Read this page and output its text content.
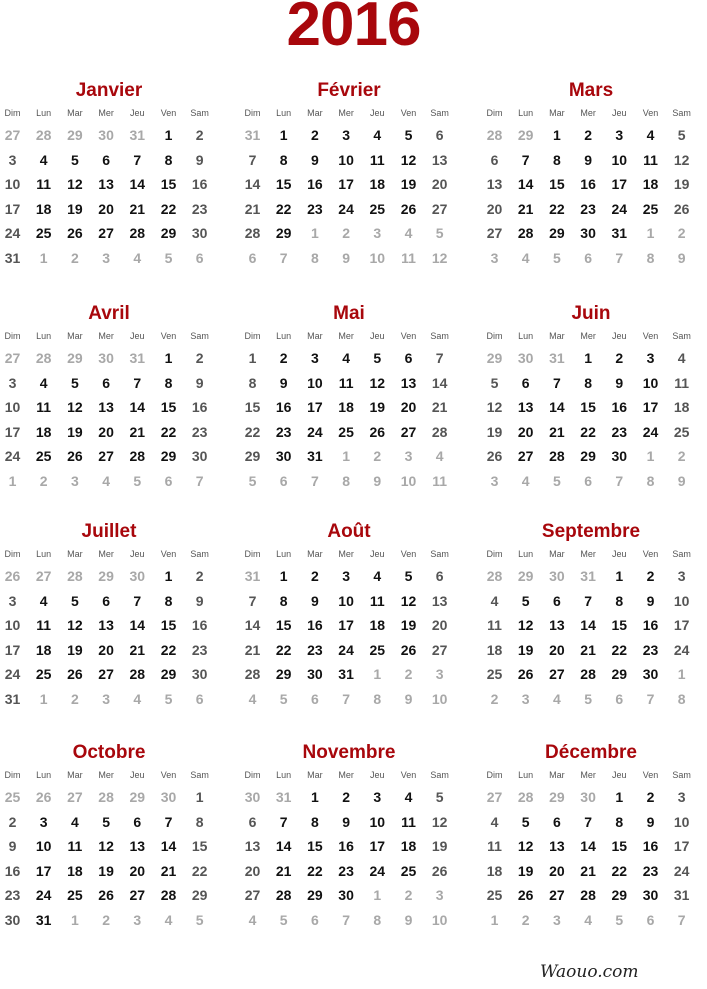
2016
Janvier
Dim	Lun	Mar	Mer	Jeu	Ven	Sam
27	28	29	30	31	1	2
3	4	5	6	7	8	9
10	11	12	13	14	15	16
17	18	19	20	21	22	23
24	25	26	27	28	29	30
31	1	2	3	4	5	6
Février
Dim	Lun	Mar	Mer	Jeu	Ven	Sam
31	1	2	3	4	5	6
7	8	9	10	11	12	13
14	15	16	17	18	19	20
21	22	23	24	25	26	27
28	29	1	2	3	4	5
6	7	8	9	10	11	12
Mars
Dim	Lun	Mar	Mer	Jeu	Ven	Sam
28	29	1	2	3	4	5
6	7	8	9	10	11	12
13	14	15	16	17	18	19
20	21	22	23	24	25	26
27	28	29	30	31	1	2
3	4	5	6	7	8	9
Avril
Dim	Lun	Mar	Mer	Jeu	Ven	Sam
27	28	29	30	31	1	2
3	4	5	6	7	8	9
10	11	12	13	14	15	16
17	18	19	20	21	22	23
24	25	26	27	28	29	30
1	2	3	4	5	6	7
Mai
Dim	Lun	Mar	Mer	Jeu	Ven	Sam
1	2	3	4	5	6	7
8	9	10	11	12	13	14
15	16	17	18	19	20	21
22	23	24	25	26	27	28
29	30	31	1	2	3	4
5	6	7	8	9	10	11
Juin
Dim	Lun	Mar	Mer	Jeu	Ven	Sam
29	30	31	1	2	3	4
5	6	7	8	9	10	11
12	13	14	15	16	17	18
19	20	21	22	23	24	25
26	27	28	29	30	1	2
3	4	5	6	7	8	9
Juillet
Dim	Lun	Mar	Mer	Jeu	Ven	Sam
26	27	28	29	30	1	2
3	4	5	6	7	8	9
10	11	12	13	14	15	16
17	18	19	20	21	22	23
24	25	26	27	28	29	30
31	1	2	3	4	5	6
Août
Dim	Lun	Mar	Mer	Jeu	Ven	Sam
31	1	2	3	4	5	6
7	8	9	10	11	12	13
14	15	16	17	18	19	20
21	22	23	24	25	26	27
28	29	30	31	1	2	3
4	5	6	7	8	9	10
Septembre
Dim	Lun	Mar	Mer	Jeu	Ven	Sam
28	29	30	31	1	2	3
4	5	6	7	8	9	10
11	12	13	14	15	16	17
18	19	20	21	22	23	24
25	26	27	28	29	30	1
2	3	4	5	6	7	8
Octobre
Dim	Lun	Mar	Mer	Jeu	Ven	Sam
25	26	27	28	29	30	1
2	3	4	5	6	7	8
9	10	11	12	13	14	15
16	17	18	19	20	21	22
23	24	25	26	27	28	29
30	31	1	2	3	4	5
Novembre
Dim	Lun	Mar	Mer	Jeu	Ven	Sam
30	31	1	2	3	4	5
6	7	8	9	10	11	12
13	14	15	16	17	18	19
20	21	22	23	24	25	26
27	28	29	30	1	2	3
4	5	6	7	8	9	10
Décembre
Dim	Lun	Mar	Mer	Jeu	Ven	Sam
27	28	29	30	1	2	3
4	5	6	7	8	9	10
11	12	13	14	15	16	17
18	19	20	21	22	23	24
25	26	27	28	29	30	31
1	2	3	4	5	6	7
Waouo.com
